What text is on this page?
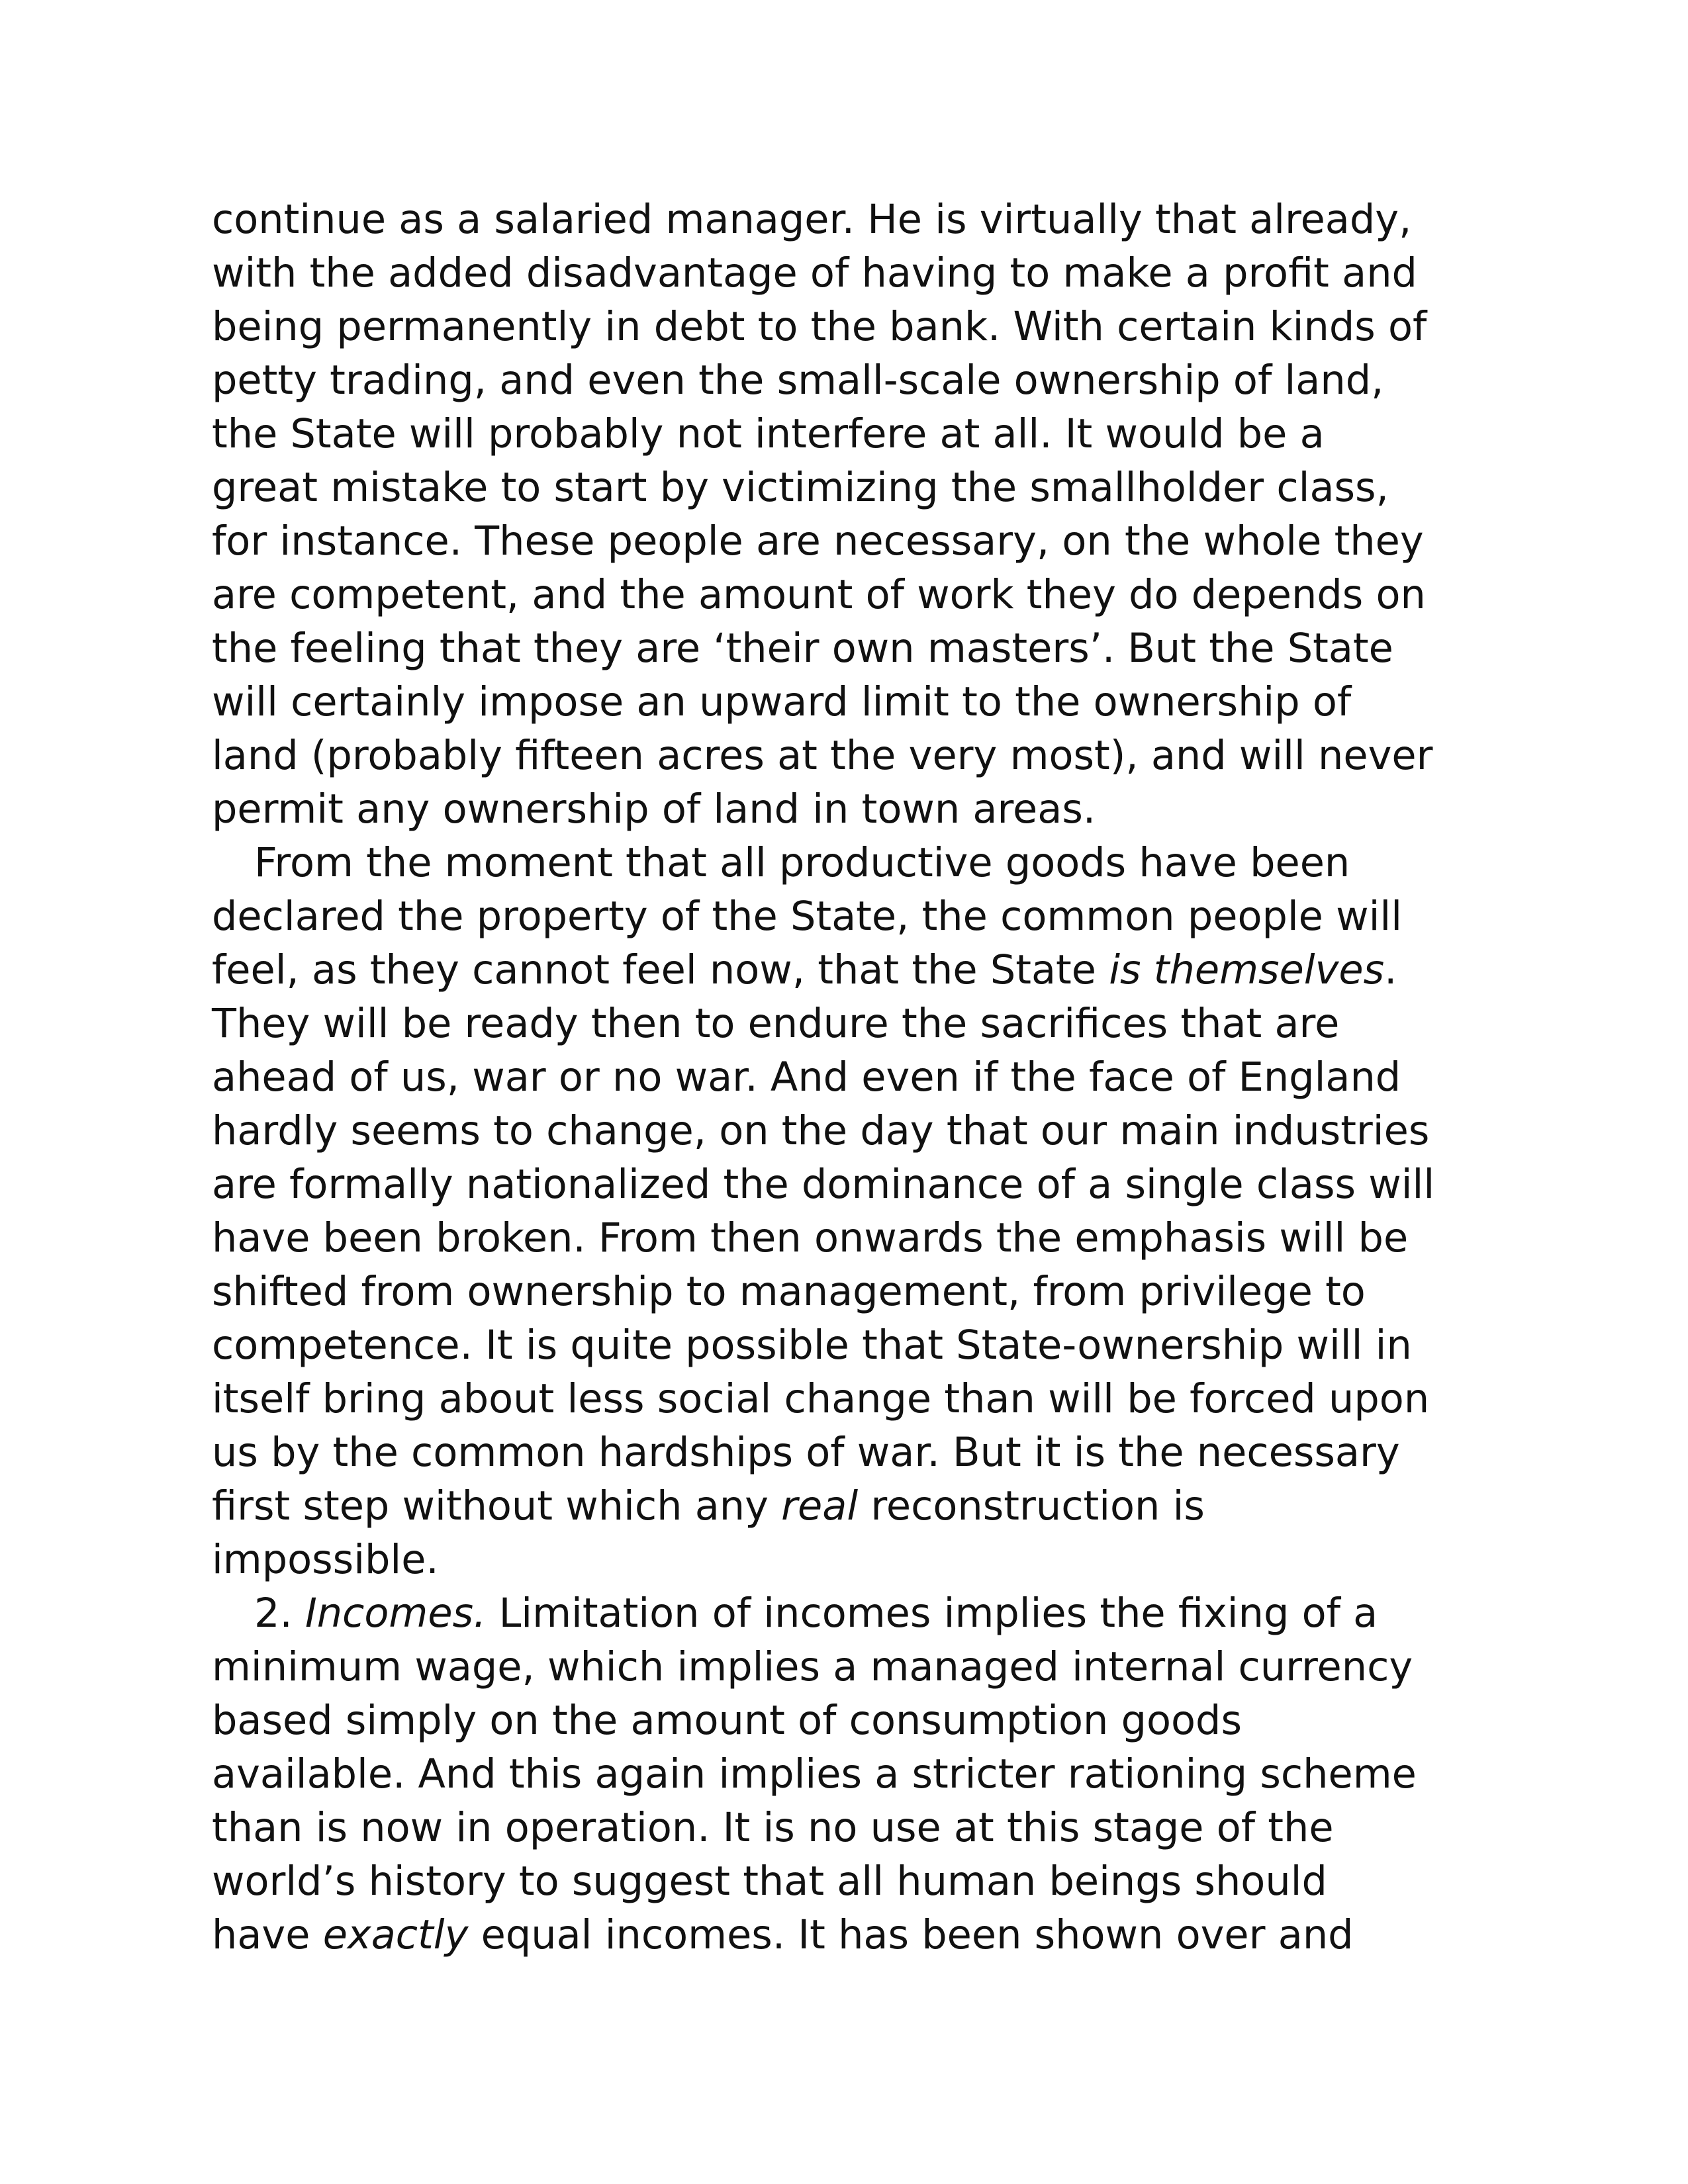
continue as a salaried manager. He is virtually that already,
with the added disadvantage of having to make a profit and
being permanently in debt to the bank. With certain kinds of
petty trading, and even the small-scale ownership of land,
the State will probably not interfere at all. It would be a
great mistake to start by victimizing the smallholder class,
for instance. These people are necessary, on the whole they
are competent, and the amount of work they do depends on
the feeling that they are ‘their own masters’. But the State
will certainly impose an upward limit to the ownership of
land (probably fifteen acres at the very most), and will never
permit any ownership of land in town areas.
From the moment that all productive goods have been
declared the property of the State, the common people will
feel, as they cannot feel now, that the State is themselves.
They will be ready then to endure the sacrifices that are
ahead of us, war or no war. And even if the face of England
hardly seems to change, on the day that our main industries
are formally nationalized the dominance of a single class will
have been broken. From then onwards the emphasis will be
shifted from ownership to management, from privilege to
competence. It is quite possible that State-ownership will in
itself bring about less social change than will be forced upon
us by the common hardships of war. But it is the necessary
first step without which any real reconstruction is
impossible.
2. Incomes. Limitation of incomes implies the fixing of a
minimum wage, which implies a managed internal currency
based simply on the amount of consumption goods
available. And this again implies a stricter rationing scheme
than is now in operation. It is no use at this stage of the
world’s history to suggest that all human beings should
have exactly equal incomes. It has been shown over and
